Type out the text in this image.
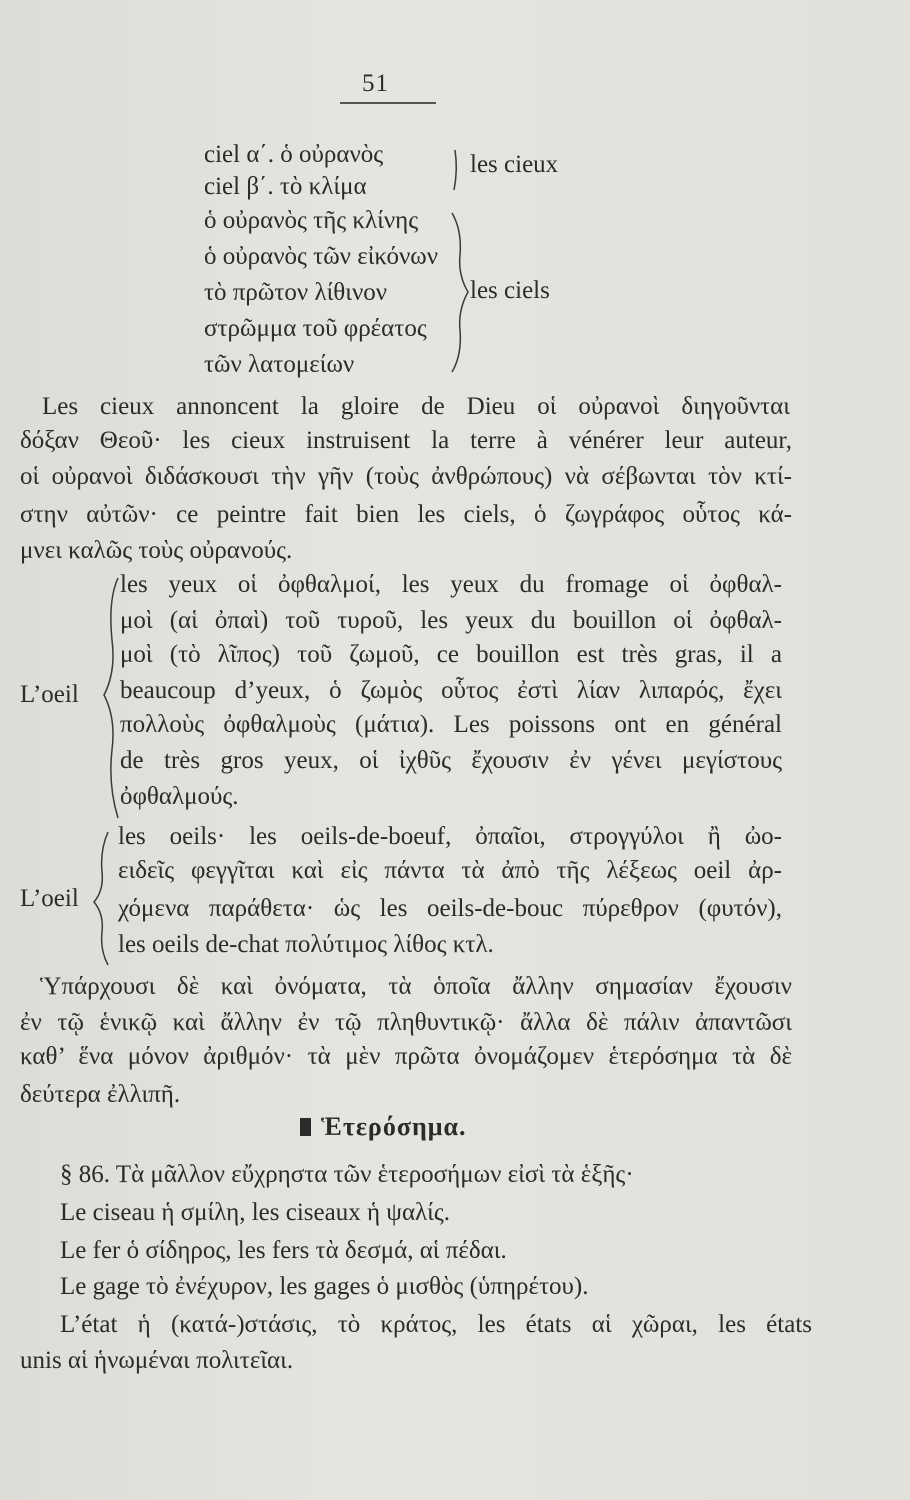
51
ciel α΄. ὁ οὐρανὸς
ciel β΄. τὸ κλίμα
ὁ οὐρανὸς τῆς κλίνης
ὁ οὐρανὸς τῶν εἰκόνων
τὸ πρῶτον λίθινον
στρῶμμα τοῦ φρέατος
τῶν λατομείων
les cieux
les ciels
Les cieux annoncent la gloire de Dieu οἱ οὐρανοὶ διηγοῦνται
δόξαν Θεοῦ· les cieux instruisent la terre à vénérer leur auteur,
οἱ οὐρανοὶ διδάσκουσι τὴν γῆν (τοὺς ἀνθρώπους) νὰ σέβωνται τὸν κτί-
στην αὐτῶν· ce peintre fait bien les ciels, ὁ ζωγράφος οὗτος κά-
μνει καλῶς τοὺς οὐρανούς.
L’oeil
les yeux οἱ ὀφθαλμοί, les yeux du fromage οἱ ὀφθαλ-
μοὶ (αἱ ὀπαὶ) τοῦ τυροῦ, les yeux du bouillon οἱ ὀφθαλ-
μοὶ (τὸ λῖπος) τοῦ ζωμοῦ, ce bouillon est très gras, il a
beaucoup d’yeux, ὁ ζωμὸς οὗτος ἐστὶ λίαν λιπαρός, ἔχει
πολλοὺς ὀφθαλμοὺς (μάτια). Les poissons ont en général
de très gros yeux, οἱ ἰχθῦς ἔχουσιν ἐν γένει μεγίστους
ὀφθαλμούς.
L’oeil
les oeils· les oeils-de-boeuf, ὀπαῖοι, στρογγύλοι ἢ ὠο-
ειδεῖς φεγγῖται καὶ εἰς πάντα τὰ ἀπὸ τῆς λέξεως oeil ἀρ-
χόμενα παράθετα· ὡς les oeils-de-bouc πύρεθρον (φυτόν),
les oeils de-chat πολύτιμος λίθος κτλ.
Ὑπάρχουσι δὲ καὶ ὀνόματα, τὰ ὁποῖα ἄλλην σημασίαν ἔχουσιν
ἐν τῷ ἑνικῷ καὶ ἄλλην ἐν τῷ πληθυντικῷ· ἄλλα δὲ πάλιν ἀπαντῶσι
καθ’ ἕνα μόνον ἀριθμόν· τὰ μὲν πρῶτα ὀνομάζομεν ἑτερόσημα τὰ δὲ
δεύτερα ἐλλιπῆ.
Ἑτερόσημα.
§ 86. Τὰ μᾶλλον εὔχρηστα τῶν ἑτεροσήμων εἰσὶ τὰ ἑξῆς·
Le ciseau ἡ σμίλη, les ciseaux ἡ ψαλίς.
Le fer ὁ σίδηρος, les fers τὰ δεσμά, αἱ πέδαι.
Le gage τὸ ἐνέχυρον, les gages ὁ μισθὸς (ὑπηρέτου).
L’état ἡ (κατά-)στάσις, τὸ κράτος, les états αἱ χῶραι, les états
unis αἱ ἡνωμέναι πολιτεῖαι.
